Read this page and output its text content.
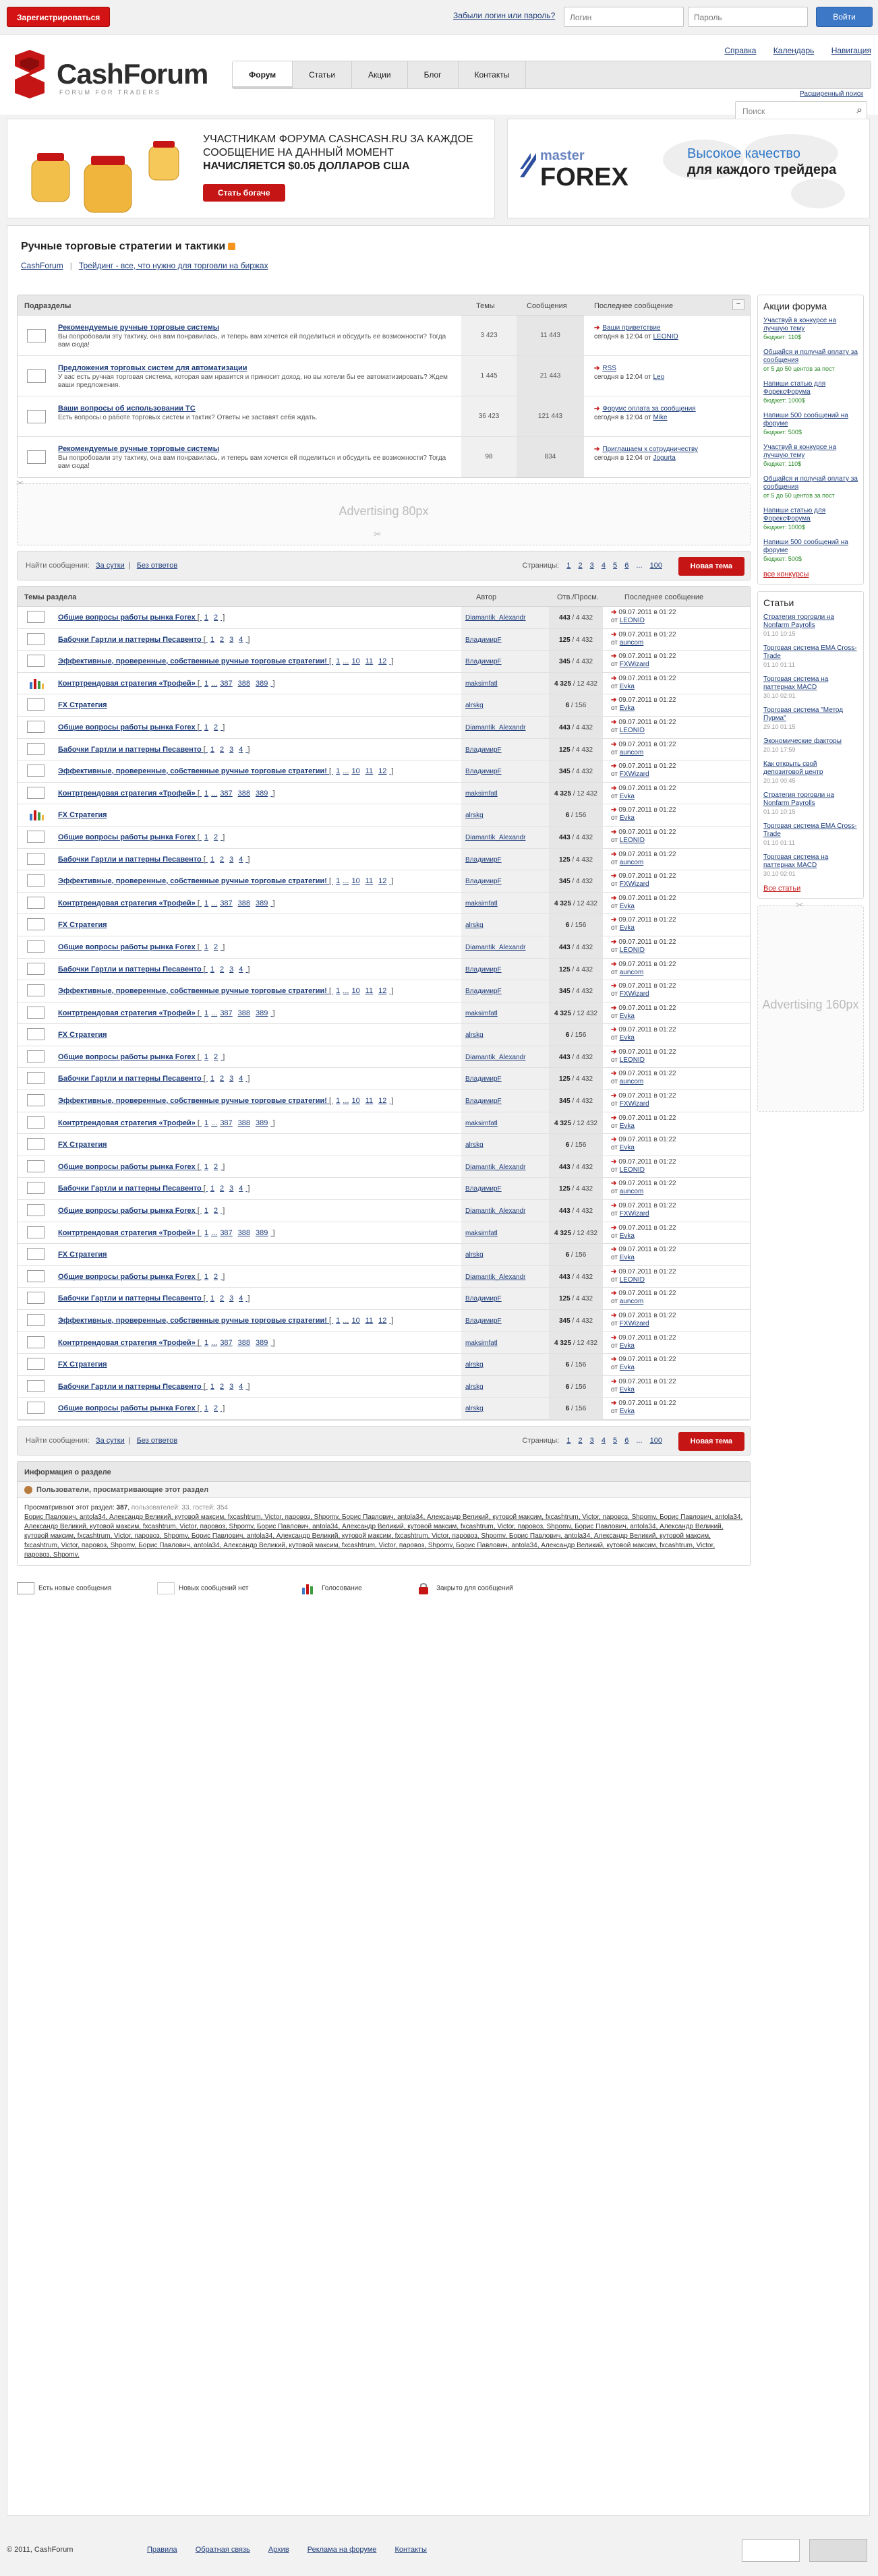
Зарегистрироваться	Забыли логин или пароль?	Логин	Пароль	Войти
CashForum
FORUM FOR TRADERS
Справка Календарь Навигация
Форум	Статьи	Акции	Блог	Контакты
Поиск	⌕
Расширенный поиск
УЧАСТНИКАМ ФОРУМА CASHCASH.RU ЗА КАЖДОЕ СООБЩЕНИЕ НА ДАННЫЙ МОМЕНТ
НАЧИСЛЯЕТСЯ $0.05 ДОЛЛАРОВ США
Стать богаче
master
FOREX
Высокое качество
для каждого трейдера
Ручные торговые стратегии и тактики
CashForum | Трейдинг - все, что нужно для торговли на биржах
Подразделы	Темы	Сообщения	Последнее сообщение	−
Рекомендуемые ручные торговые системы
Вы попробовали эту тактику, она вам понравилась, и теперь вам хочется ей поделиться и обсудить ее возможности? Тогда вам сюда!
3 423	11 443
➔ Ваши приветствие
сегодня в 12:04 от LEONID
Предложения торговых систем для автоматизации
У вас есть ручная торговая система, которая вам нравится и приносит доход, но вы хотели бы ее автоматизировать? Ждем ваши предложения.
1 445	21 443
➔ RSS
сегодня в 12:04 от Leo
Ваши вопросы об использовании TC
Есть вопросы о работе торговых систем и тактик? Ответы не заставят себя ждать.	36 423	121 443
➔ Форумс оплата за сообщения
сегодня в 12:04 от Mike
Рекомендуемые ручные торговые системы
Вы попробовали эту тактику, она вам понравилась, и теперь вам хочется ей поделиться и обсудить ее возможности? Тогда вам сюда!
98	834
➔ Приглашаем к сотрудничеству
сегодня в 12:04 от Jogurta
✂
Advertising 80px
✂
Найти сообщения: За сутки | Без ответов	Страницы: 1 2 3 4 5 6 ... 100	Новая тема
Темы раздела	Автор	Отв./Просм.	Последнее сообщение
Общие вопросы работы рынка Forex [ 1 2 ]	Diamantik_Alexandr	443 / 4 432
➔ 09.07.2011 в 01:22
от LEONID
Бабочки Гартли и паттерны Песавенто [ 1 2 3 4 ]	ВладимирF	125 / 4 432
➔ 09.07.2011 в 01:22
от auncom
Эффективные, проверенные, собственные ручные торговые стратегии! [ 1 ... 10 11 12 ]	ВладимирF	345 / 4 432
➔ 09.07.2011 в 01:22
от FXWizard
Контртрендовая стратегия «Трофей» [ 1 ... 387 388 389 ]	maksimfatl	4 325 / 12 432
➔ 09.07.2011 в 01:22
от Evka
FX Стратегия	alrskg	6 / 156
➔ 09.07.2011 в 01:22
от Evka
Общие вопросы работы рынка Forex [ 1 2 ]	Diamantik_Alexandr	443 / 4 432
➔ 09.07.2011 в 01:22
от LEONID
Бабочки Гартли и паттерны Песавенто [ 1 2 3 4 ]	ВладимирF	125 / 4 432
➔ 09.07.2011 в 01:22
от auncom
Эффективные, проверенные, собственные ручные торговые стратегии! [ 1 ... 10 11 12 ]	ВладимирF	345 / 4 432
➔ 09.07.2011 в 01:22
от FXWizard
Контртрендовая стратегия «Трофей» [ 1 ... 387 388 389 ]	maksimfatl	4 325 / 12 432
➔ 09.07.2011 в 01:22
от Evka
FX Стратегия	alrskg	6 / 156
➔ 09.07.2011 в 01:22
от Evka
Общие вопросы работы рынка Forex [ 1 2 ]	Diamantik_Alexandr	443 / 4 432
➔ 09.07.2011 в 01:22
от LEONID
Бабочки Гартли и паттерны Песавенто [ 1 2 3 4 ]	ВладимирF	125 / 4 432
➔ 09.07.2011 в 01:22
от auncom
Эффективные, проверенные, собственные ручные торговые стратегии! [ 1 ... 10 11 12 ]	ВладимирF	345 / 4 432
➔ 09.07.2011 в 01:22
от FXWizard
Контртрендовая стратегия «Трофей» [ 1 ... 387 388 389 ]	maksimfatl	4 325 / 12 432
➔ 09.07.2011 в 01:22
от Evka
FX Стратегия	alrskg	6 / 156
➔ 09.07.2011 в 01:22
от Evka
Общие вопросы работы рынка Forex [ 1 2 ]	Diamantik_Alexandr	443 / 4 432
➔ 09.07.2011 в 01:22
от LEONID
Бабочки Гартли и паттерны Песавенто [ 1 2 3 4 ]	ВладимирF	125 / 4 432
➔ 09.07.2011 в 01:22
от auncom
Эффективные, проверенные, собственные ручные торговые стратегии! [ 1 ... 10 11 12 ]	ВладимирF	345 / 4 432
➔ 09.07.2011 в 01:22
от FXWizard
Контртрендовая стратегия «Трофей» [ 1 ... 387 388 389 ]	maksimfatl	4 325 / 12 432
➔ 09.07.2011 в 01:22
от Evka
FX Стратегия	alrskg	6 / 156
➔ 09.07.2011 в 01:22
от Evka
Общие вопросы работы рынка Forex [ 1 2 ]	Diamantik_Alexandr	443 / 4 432
➔ 09.07.2011 в 01:22
от LEONID
Бабочки Гартли и паттерны Песавенто [ 1 2 3 4 ]	ВладимирF	125 / 4 432
➔ 09.07.2011 в 01:22
от auncom
Эффективные, проверенные, собственные ручные торговые стратегии! [ 1 ... 10 11 12 ]	ВладимирF	345 / 4 432
➔ 09.07.2011 в 01:22
от FXWizard
Контртрендовая стратегия «Трофей» [ 1 ... 387 388 389 ]	maksimfatl	4 325 / 12 432
➔ 09.07.2011 в 01:22
от Evka
FX Стратегия	alrskg	6 / 156
➔ 09.07.2011 в 01:22
от Evka
Общие вопросы работы рынка Forex [ 1 2 ]	Diamantik_Alexandr	443 / 4 432
➔ 09.07.2011 в 01:22
от LEONID
Бабочки Гартли и паттерны Песавенто [ 1 2 3 4 ]	ВладимирF	125 / 4 432
➔ 09.07.2011 в 01:22
от auncom
Общие вопросы работы рынка Forex [ 1 2 ]	Diamantik_Alexandr	443 / 4 432
➔ 09.07.2011 в 01:22
от FXWizard
Контртрендовая стратегия «Трофей» [ 1 ... 387 388 389 ]	maksimfatl	4 325 / 12 432
➔ 09.07.2011 в 01:22
от Evka
FX Стратегия	alrskg	6 / 156
➔ 09.07.2011 в 01:22
от Evka
Общие вопросы работы рынка Forex [ 1 2 ]	Diamantik_Alexandr	443 / 4 432
➔ 09.07.2011 в 01:22
от LEONID
Бабочки Гартли и паттерны Песавенто [ 1 2 3 4 ]	ВладимирF	125 / 4 432
➔ 09.07.2011 в 01:22
от auncom
Эффективные, проверенные, собственные ручные торговые стратегии! [ 1 ... 10 11 12 ]	ВладимирF	345 / 4 432
➔ 09.07.2011 в 01:22
от FXWizard
Контртрендовая стратегия «Трофей» [ 1 ... 387 388 389 ]	maksimfatl	4 325 / 12 432
➔ 09.07.2011 в 01:22
от Evka
FX Стратегия	alrskg	6 / 156
➔ 09.07.2011 в 01:22
от Evka
Бабочки Гартли и паттерны Песавенто [ 1 2 3 4 ]	alrskg	6 / 156
➔ 09.07.2011 в 01:22
от Evka
Общие вопросы работы рынка Forex [ 1 2 ]	alrskg	6 / 156
➔ 09.07.2011 в 01:22
от Evka
Найти сообщения: За сутки | Без ответов	Страницы: 1 2 3 4 5 6 ... 100	Новая тема
Информация о разделе
Пользователи, просматривающие этот раздел
Просматривают этот раздел: 387, пользователей: 33, гостей: 354
Борис Павлович, antola34, Александр Великий, кутовой максим, fxcashtrum, Victor, паровоз, Shpomv, Борис Павлович, antola34, Александр Великий, кутовой максим, fxcashtrum, Victor, паровоз, Shpomv, Борис Павлович, antola34, Александр Великий, кутовой максим, fxcashtrum, Victor, паровоз, Shpomv, Борис Павлович, antola34, Александр Великий, кутовой максим, fxcashtrum, Victor, паровоз, Shpomv, Борис Павлович, antola34, Александр Великий, кутовой максим, fxcashtrum, Victor, паровоз, Shpomv, Борис Павлович, antola34, Александр Великий, кутовой максим, fxcashtrum, Victor, паровоз, Shpomv, Борис Павлович, antola34, Александр Великий, кутовой максим, fxcashtrum, Victor, паровоз, Shpomv, Борис Павлович, antola34, Александр Великий, кутовой максим, fxcashtrum, Victor, паровоз, Shpomv, Борис Павлович, antola34, Александр Великий, кутовой максим, fxcashtrum, Victor, паровоз, Shpomv.
Есть новые сообщения	Новых сообщений нет	Голосование	Закрыто для сообщений
Акции форума
Участвуй в конкурсе на лучшую тему
бюджет: 110$
Общайся и получай оплату за сообщения
от 5 до 50 центов за пост
Напиши статью для ФорексФорума
бюджет: 1000$
Напиши 500 сообщений на форуме
бюджет: 500$
Участвуй в конкурсе на лучшую тему
бюджет: 110$
Общайся и получай оплату за сообщения
от 5 до 50 центов за пост
Напиши статью для ФорексФорума
бюджет: 1000$
Напиши 500 сообщений на форуме
бюджет: 500$
все конкурсы
Статьи
Стратегия торговли на Nonfarm Payrolls
01.10 10:15
Торговая система EMA Cross-Trade
01.10 01:11
Торговая система на паттернах MACD
30.10 02:01
Торговая система "Метод Пурма"
29.10 01:15
Экономические факторы
20.10 17:59
Как открыть свой депозитовой центр
20.10 00:45
Стратегия торговли на Nonfarm Payrolls
01.10 10:15
Торговая система EMA Cross-Trade
01.10 01:11
Торговая система на паттернах MACD
30.10 02:01
Все статьи
✂
Advertising 160px
© 2011, CashForum	Правила Обратная связь Архив Реклама на форуме Контакты
